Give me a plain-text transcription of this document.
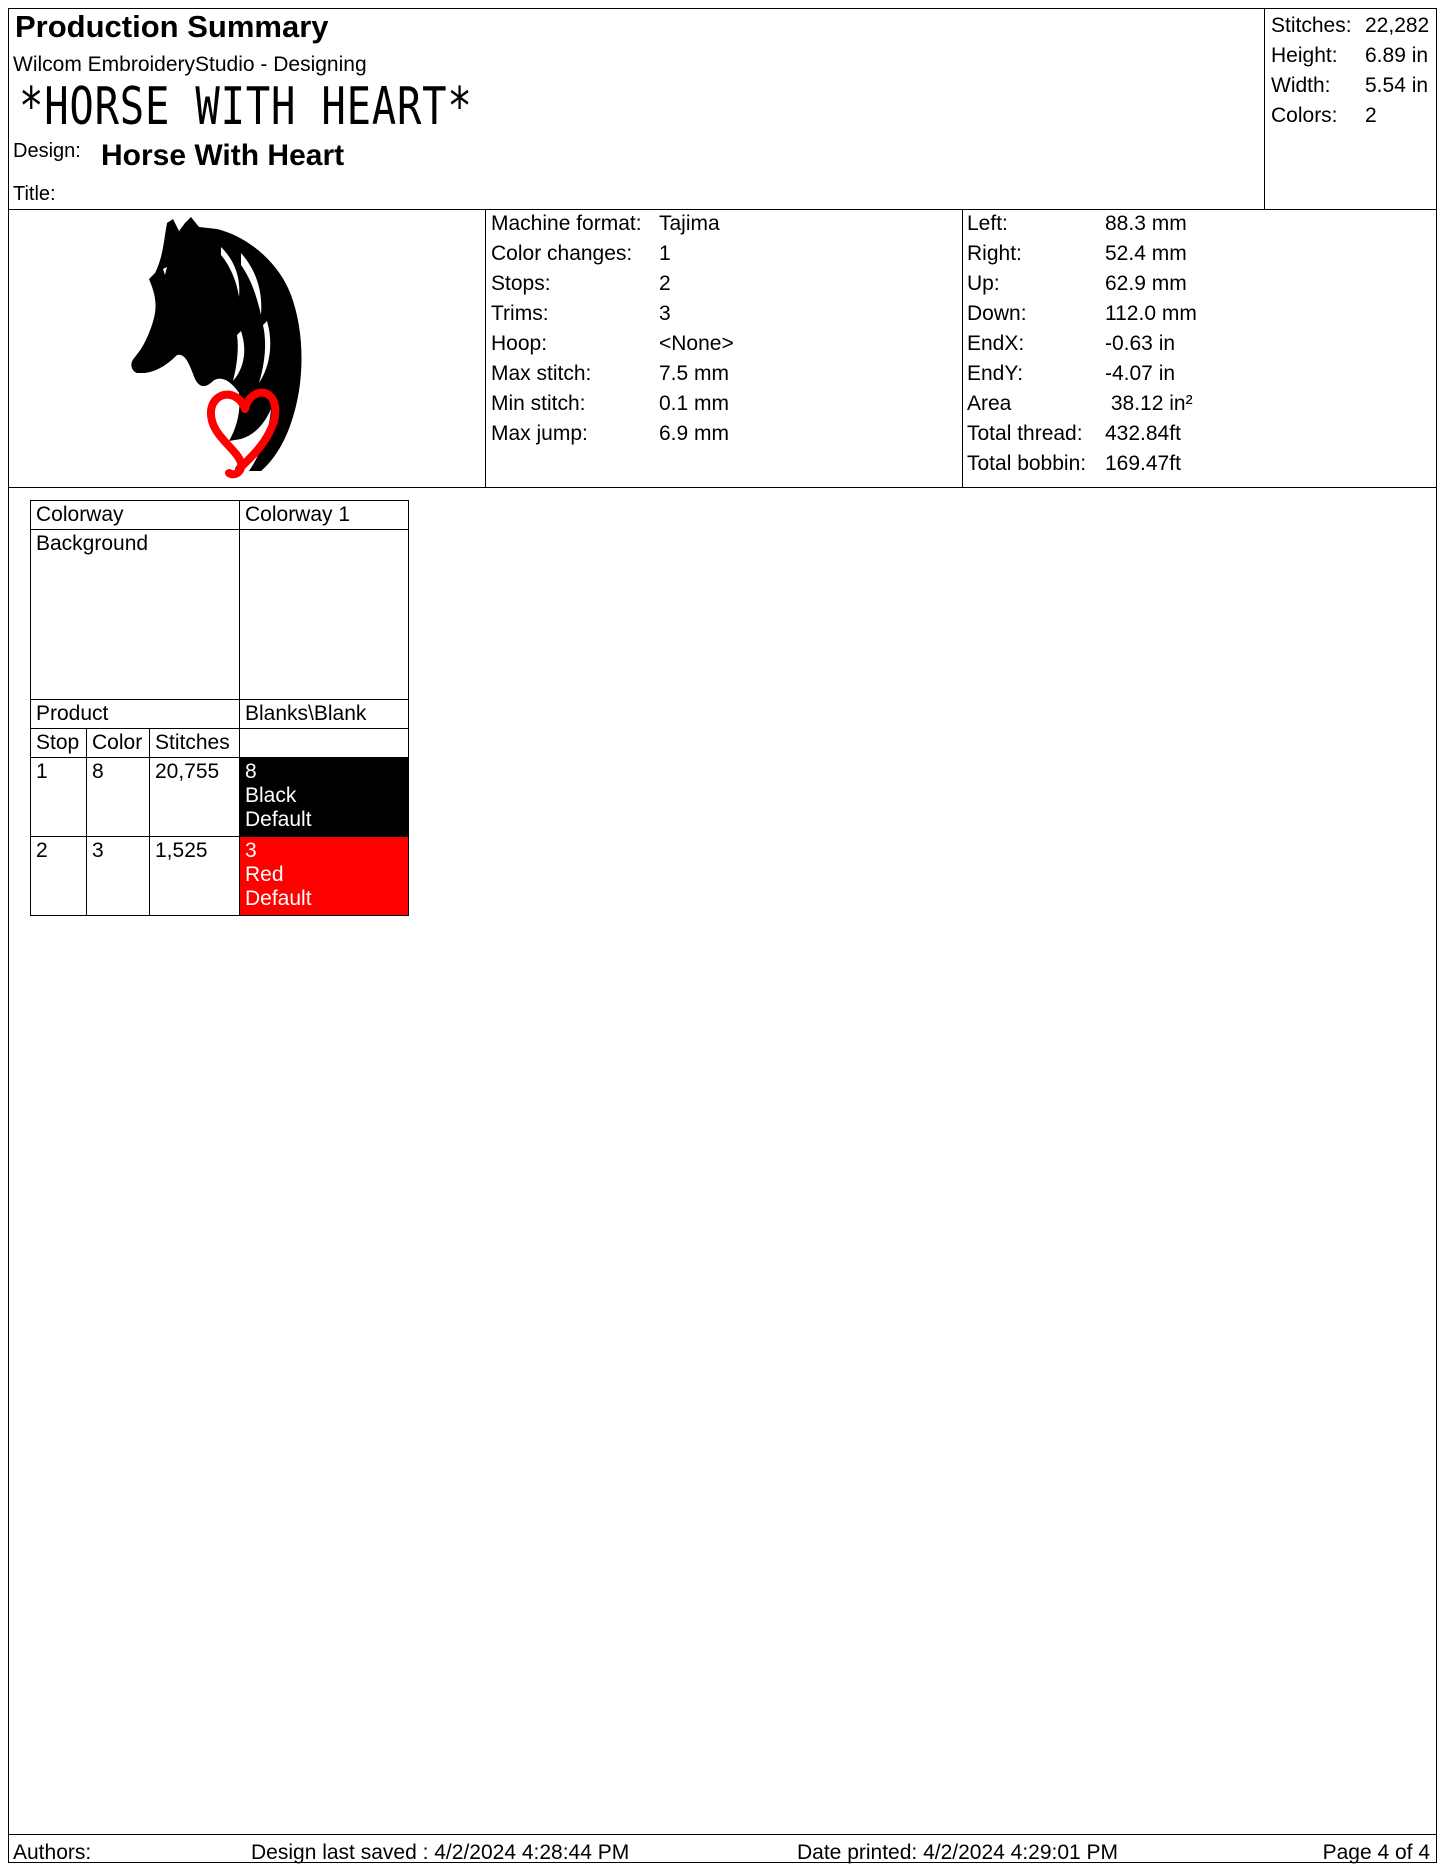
Production Summary
Wilcom EmbroideryStudio - Designing
*HORSE WITH HEART*
Design: Horse With Heart
Title:
Stitches: 22,282
Height: 6.89 in
Width: 5.54 in
Colors: 2
Machine format: Tajima
Color changes: 1
Stops:	2
Trims:	3
Hoop:	<None>
Max stitch:	7.5 mm
Min stitch:	0.1 mm
Max jump:	6.9 mm
Left:	88.3 mm
Right:	52.4 mm
Up:	62.9 mm
Down:	112.0 mm
EndX:	-0.63 in
EndY:	-4.07 in
Area	38.12 in²
Total thread: 432.84ft
Total bobbin: 169.47ft
Colorway			Colorway 1
Background			
Product			Blanks\Blank
Stop	Color	Stitches	
1	8	20,755	8
Black
Default

2	3	1,525	3
Red
Default
Authors:	Design last saved : 4/2/2024 4:28:44 PM	Date printed: 4/2/2024 4:29:01 PM	Page 4 of 4
